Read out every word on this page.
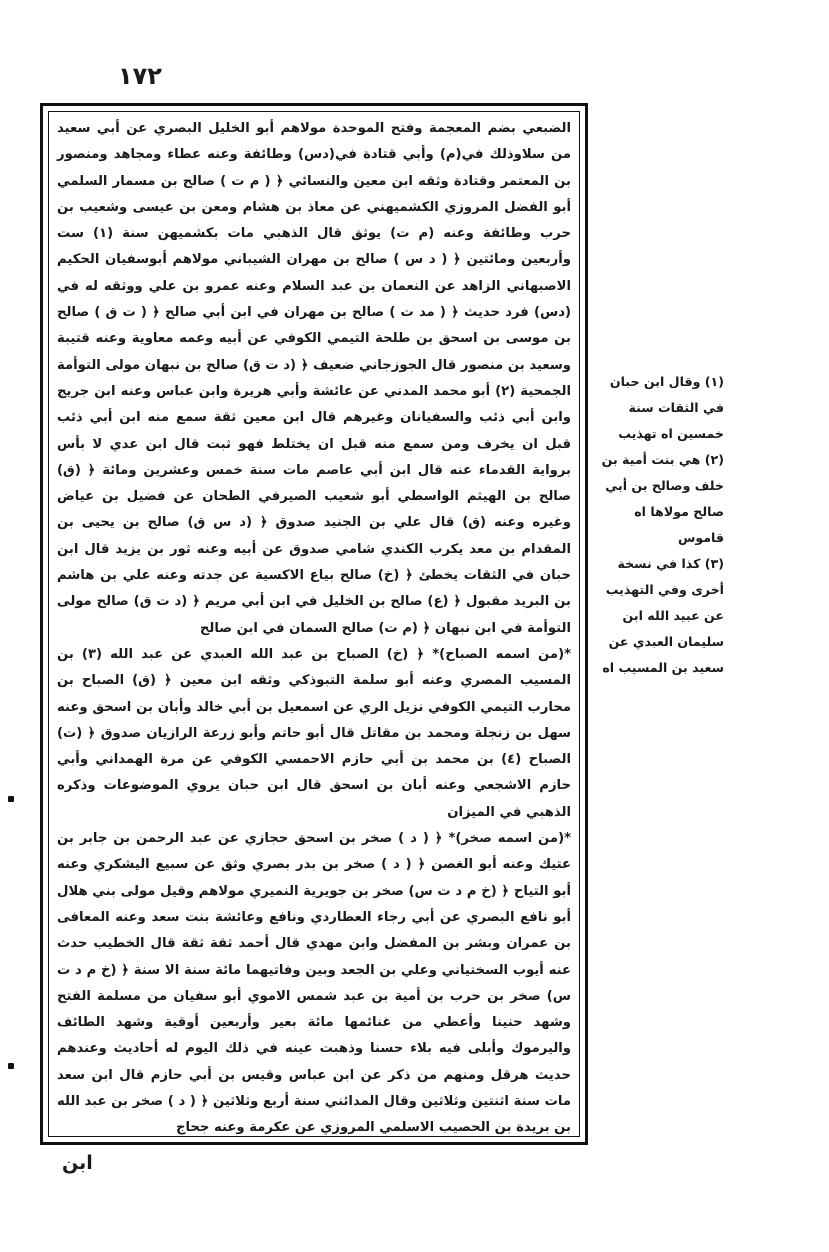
١٧٢

الضبعي بضم المعجمة وفتح الموحدة مولاهم أبو الخليل البصري عن أبي سعيد من سلاوذلك في(م) وأبي قتادة في(دس) وطائفة وعنه عطاء ومجاهد ومنصور بن المعتمر وقتادة وثقه ابن معين والنسائي ﴿ ( م ت ) صالح بن مسمار السلمي أبو الفضل المروزي الكشميهني عن معاذ بن هشام ومعن بن عيسى وشعيب بن حرب وطائفة وعنه (م ت) يوثق قال الذهبي مات بكشميهن سنة (١) ست وأربعين ومائتين ﴿ ( د س ) صالح بن مهران الشيباني مولاهم أبوسفيان الحكيم الاصبهاني الزاهد عن النعمان بن عبد السلام وعنه عمرو بن علي ووثقه له في (دس) فرد حديث ﴿ ( مد ت ) صالح بن مهران في ابن أبي صالح ﴿ ( ت ق ) صالح بن موسى بن اسحق بن طلحة التيمي الكوفي عن أبيه وعمه معاوية وعنه قتيبة وسعيد بن منصور قال الجوزجاني ضعيف ﴿ (د ت ق) صالح بن نبهان مولى التوأمة الجمحية (٢) أبو محمد المدني عن عائشة وأبي هريرة وابن عباس وعنه ابن جريج وابن أبي ذئب والسفيانان وغيرهم قال ابن معين ثقة سمع منه ابن أبي ذئب قبل ان يخرف ومن سمع منه قبل ان يختلط فهو ثبت قال ابن عدي لا بأس برواية القدماء عنه قال ابن أبي عاصم مات سنة خمس وعشرين ومائة ﴿ (ق) صالح بن الهيثم الواسطي أبو شعيب الصيرفي الطحان عن فضيل بن عياض وغيره وعنه (ق) قال علي بن الجنيد صدوق ﴿ (د س ق) صالح بن يحيى بن المقدام بن معد يكرب الكندي شامي صدوق عن أبيه وعنه ثور بن يزيد قال ابن حبان في الثقات يخطئ ﴿ (خ) صالح بياع الاكسية عن جدته وعنه علي بن هاشم بن البريد مقبول ﴿ (ع) صالح بن الخليل في ابن أبي مريم ﴿ (د ت ق) صالح مولى التوأمة في ابن نبهان ﴿ (م ت) صالح السمان في ابن صالح

*(من اسمه الصباح)* ﴿ (خ) الصباح بن عبد الله العبدي عن عبد الله (٣) بن المسيب المصري وعنه أبو سلمة التبوذكي وثقه ابن معين ﴿ (ق) الصباح بن محارب التيمي الكوفي نزيل الري عن اسمعيل بن أبي خالد وأبان بن اسحق وعنه سهل بن زنجلة ومحمد بن مقاتل قال أبو حاتم وأبو زرعة الرازيان صدوق ﴿ (ت) الصباح (٤) بن محمد بن أبي حازم الاحمسي الكوفي عن مرة الهمداني وأبي حازم الاشجعي وعنه أبان بن اسحق قال ابن حبان يروي الموضوعات وذكره الذهبي في الميزان

*(من اسمه صخر)* ﴿ ( د ) صخر بن اسحق حجازي عن عبد الرحمن بن جابر بن عتيك وعنه أبو الغصن ﴿ ( د ) صخر بن بدر بصري وثق عن سبيع اليشكري وعنه أبو التياح ﴿ (خ م د ت س) صخر بن جويرية النميري مولاهم وقيل مولى بني هلال أبو نافع البصري عن أبي رجاء العطاردي ونافع وعائشة بنت سعد وعنه المعافى بن عمران وبشر بن المفضل وابن مهدي قال أحمد ثقة ثقة قال الخطيب حدث عنه أيوب السختياني وعلي بن الجعد وبين وفاتيهما مائة سنة الا سنة ﴿ (خ م د ت س) صخر بن حرب بن أمية بن عبد شمس الاموي أبو سفيان من مسلمة الفتح وشهد حنينا وأعطي من غنائمها مائة بعير وأربعين أوقية وشهد الطائف واليرموك وأبلى فيه بلاء حسنا وذهبت عينه في ذلك اليوم له أحاديث وعندهم حديث هرقل ومنهم من ذكر عن ابن عباس وقيس بن أبي حازم قال ابن سعد مات سنة اثنتين وثلاثين وقال المدائني سنة أربع وثلاثين ﴿ ( د ) صخر بن عبد الله بن بريدة بن الحصيب الاسلمي المروزي عن عكرمة وعنه جحاج

(١) وقال ابن حبان في الثقات سنة خمسين اه تهذيب

(٢) هي بنت أمية بن خلف وصالح بن أبي صالح مولاها اه قاموس

(٣) كذا في نسخة أخرى وفي التهذيب عن عبيد الله ابن سليمان العبدي عن سعيد بن المسيب اه

ابن
